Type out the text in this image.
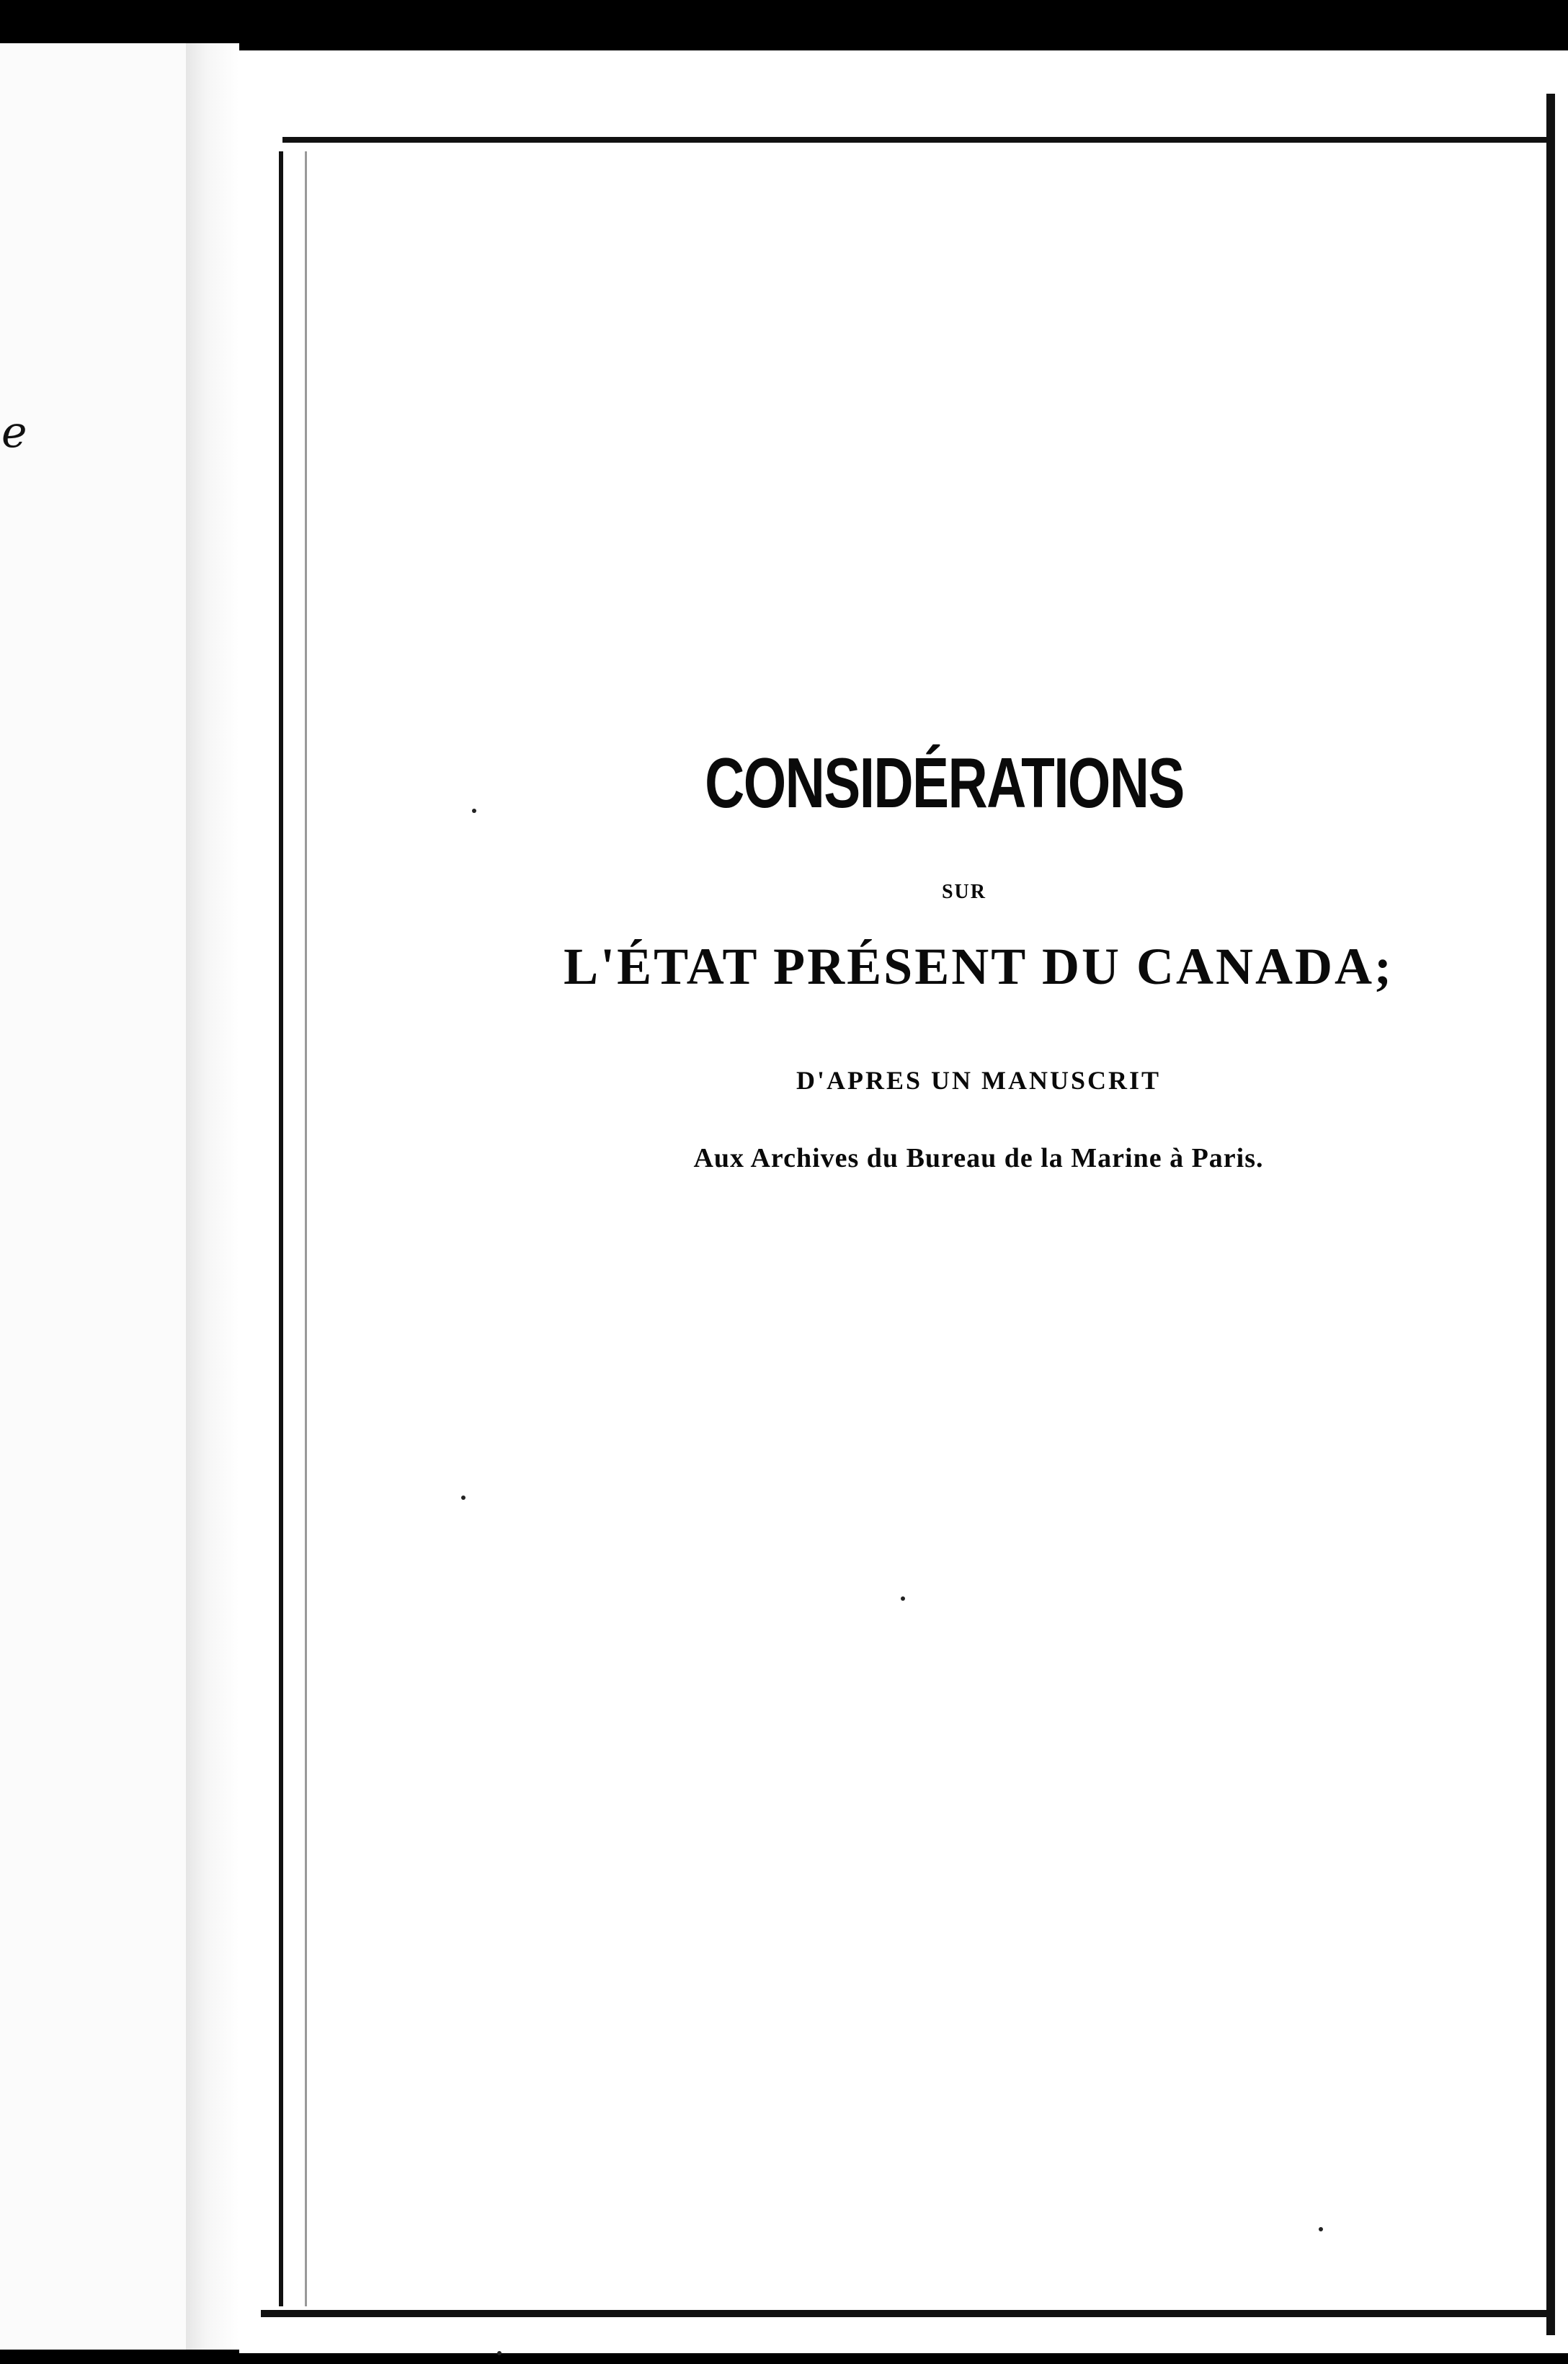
e
CONSIDÉRATIONS
SUR
L'ÉTAT PRÉSENT DU CANADA;
D'APRES UN MANUSCRIT
Aux Archives du Bureau de la Marine à Paris.
